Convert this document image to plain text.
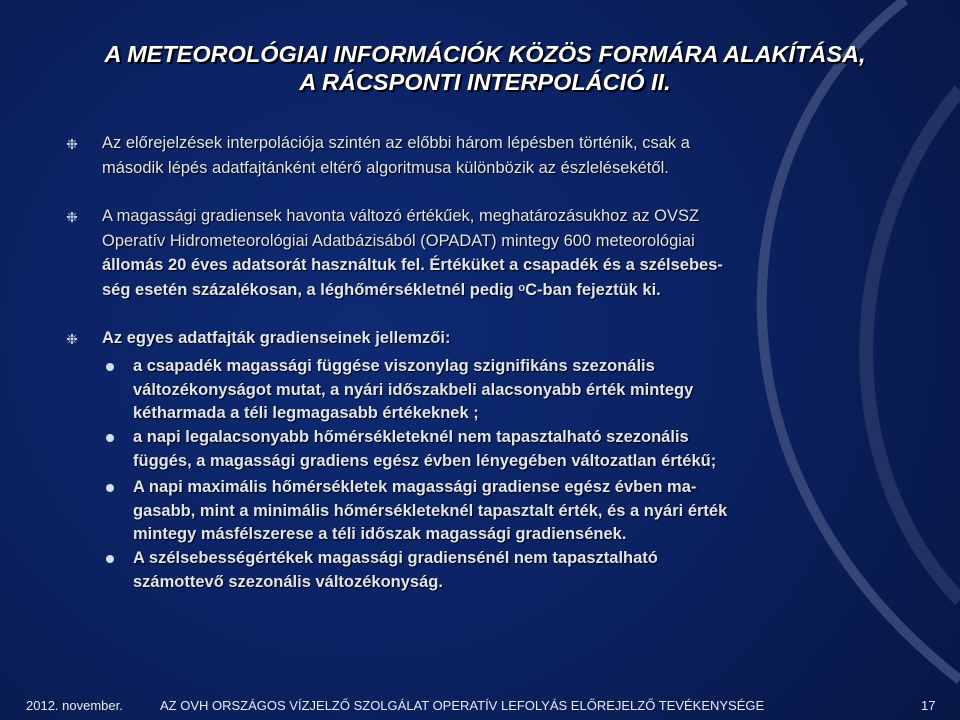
A METEOROLÓGIAI INFORMÁCIÓK KÖZÖS FORMÁRA ALAKÍTÁSA,
A RÁCSPONTI INTERPOLÁCIÓ II.
❉ Az előrejelzések interpolációja szintén az előbbi három lépésben történik, csak a
második lépés adatfajtánként eltérő algoritmusa különbözik az észlelésekétől.
❉ A magassági gradiensek havonta változó értékűek, meghatározásukhoz az OVSZ
Operatív Hidrometeorológiai Adatbázisából (OPADAT) mintegy 600 meteorológiai
állomás 20 éves adatsorát használtuk fel. Értéküket a csapadék és a szélsebes-
ség esetén százalékosan, a léghőmérsékletnél pedig $^o$C-ban fejeztük ki.
❉ Az egyes adatfajták gradienseinek jellemzői:
a csapadék magassági függése viszonylag szignifikáns szezonális
változékonyságot mutat, a nyári időszakbeli alacsonyabb érték mintegy
kétharmada a téli legmagasabb értékeknek ;
a napi legalacsonyabb hőmérsékleteknél nem tapasztalható szezonális
függés, a magassági gradiens egész évben lényegében változatlan értékű;
A napi maximális hőmérsékletek magassági gradiense egész évben ma-
gasabb, mint a minimális hőmérsékleteknél tapasztalt érték, és a nyári érték
mintegy másfélszerese a téli időszak magassági gradiensének.
A szélsebességértékek magassági gradiensénél nem tapasztalható
számottevő szezonális változékonyság.
2012. november.	AZ OVH ORSZÁGOS VÍZJELZŐ SZOLGÁLAT OPERATÍV LEFOLYÁS ELŐREJELZŐ TEVÉKENYSÉGE	17
